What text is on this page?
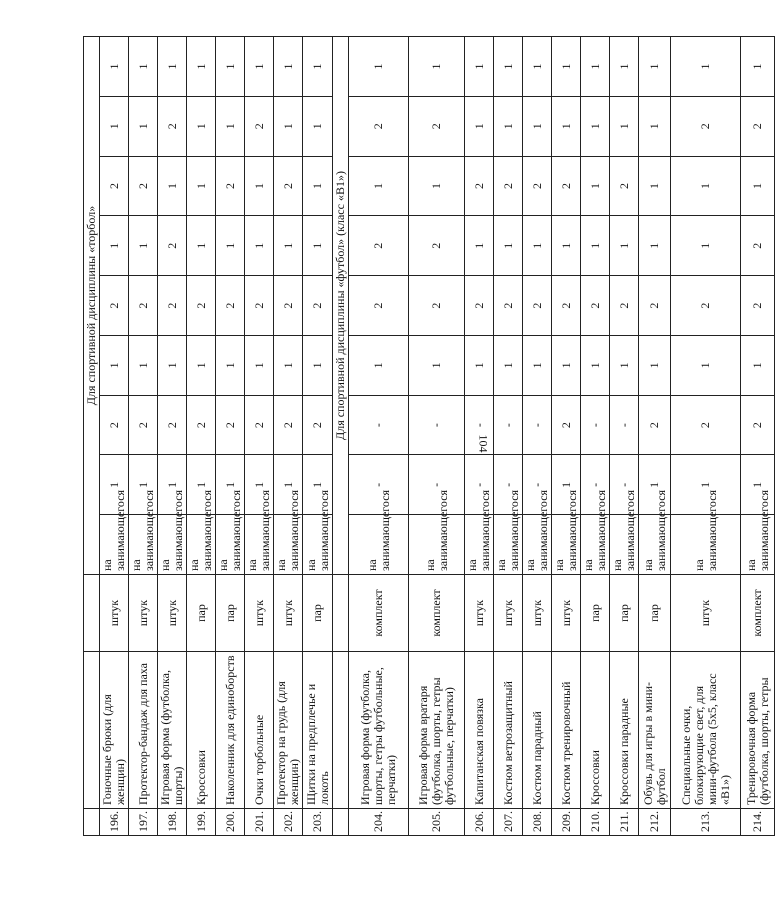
104
			Для спортивной дисциплины «торбол»								
196.	Гоночные брюки (для женщин)	штук	на занимающегося	1	2	1	2	1	2	1	1
197.	Протектор-бандаж для паха	штук	на занимающегося	1	2	1	2	1	2	1	1
198.	Игровая форма (футболка, шорты)	штук	на занимающегося	1	2	1	2	2	1	2	1
199.	Кроссовки	пар	на занимающегося	1	2	1	2	1	1	1	1
200.	Наколенник для единоборств	пар	на занимающегося	1	2	1	2	1	2	1	1
201.	Очки торбольные	штук	на занимающегося	1	2	1	2	1	1	2	1
202.	Протектор на грудь (для женщин)	штук	на занимающегося	1	2	1	2	1	2	1	1
203.	Щитки на предплечье и локоть	пар	на занимающегося	1	2	1	2	1	1	1	1
			Для спортивной дисциплины «футбол» (класс «В1»)								
204.	Игровая форма (футболка, шорты, гетры футбольные, перчатки)	комплект	на занимающегося	-	-	1	2	2	1	2	1
205.	Игровая форма вратаря (футболка, шорты, гетры футбольные, перчатки)	комплект	на занимающегося	-	-	1	2	2	1	2	1
206.	Капитанская повязка	штук	на занимающегося	-	-	1	2	1	2	1	1
207.	Костюм ветрозащитный	штук	на занимающегося	-	-	1	2	1	2	1	1
208.	Костюм парадный	штук	на занимающегося	-	-	1	2	1	2	1	1
209.	Костюм тренировочный	штук	на занимающегося	1	2	1	2	1	2	1	1
210.	Кроссовки	пар	на занимающегося	-	-	1	2	1	1	1	1
211.	Кроссовки парадные	пар	на занимающегося	-	-	1	2	1	2	1	1
212.	Обувь для игры в мини-футбол	пар	на занимающегося	1	2	1	2	1	1	1	1
213.	Специальные очки, блокирующие свет, для мини-футбола (5х5, класс «В1»)	штук	на занимающегося	1	2	1	2	1	1	2	1
214.	Тренировочная форма (футболка, шорты, гетры	комплект	на занимающегося	1	2	1	2	2	1	2	1
